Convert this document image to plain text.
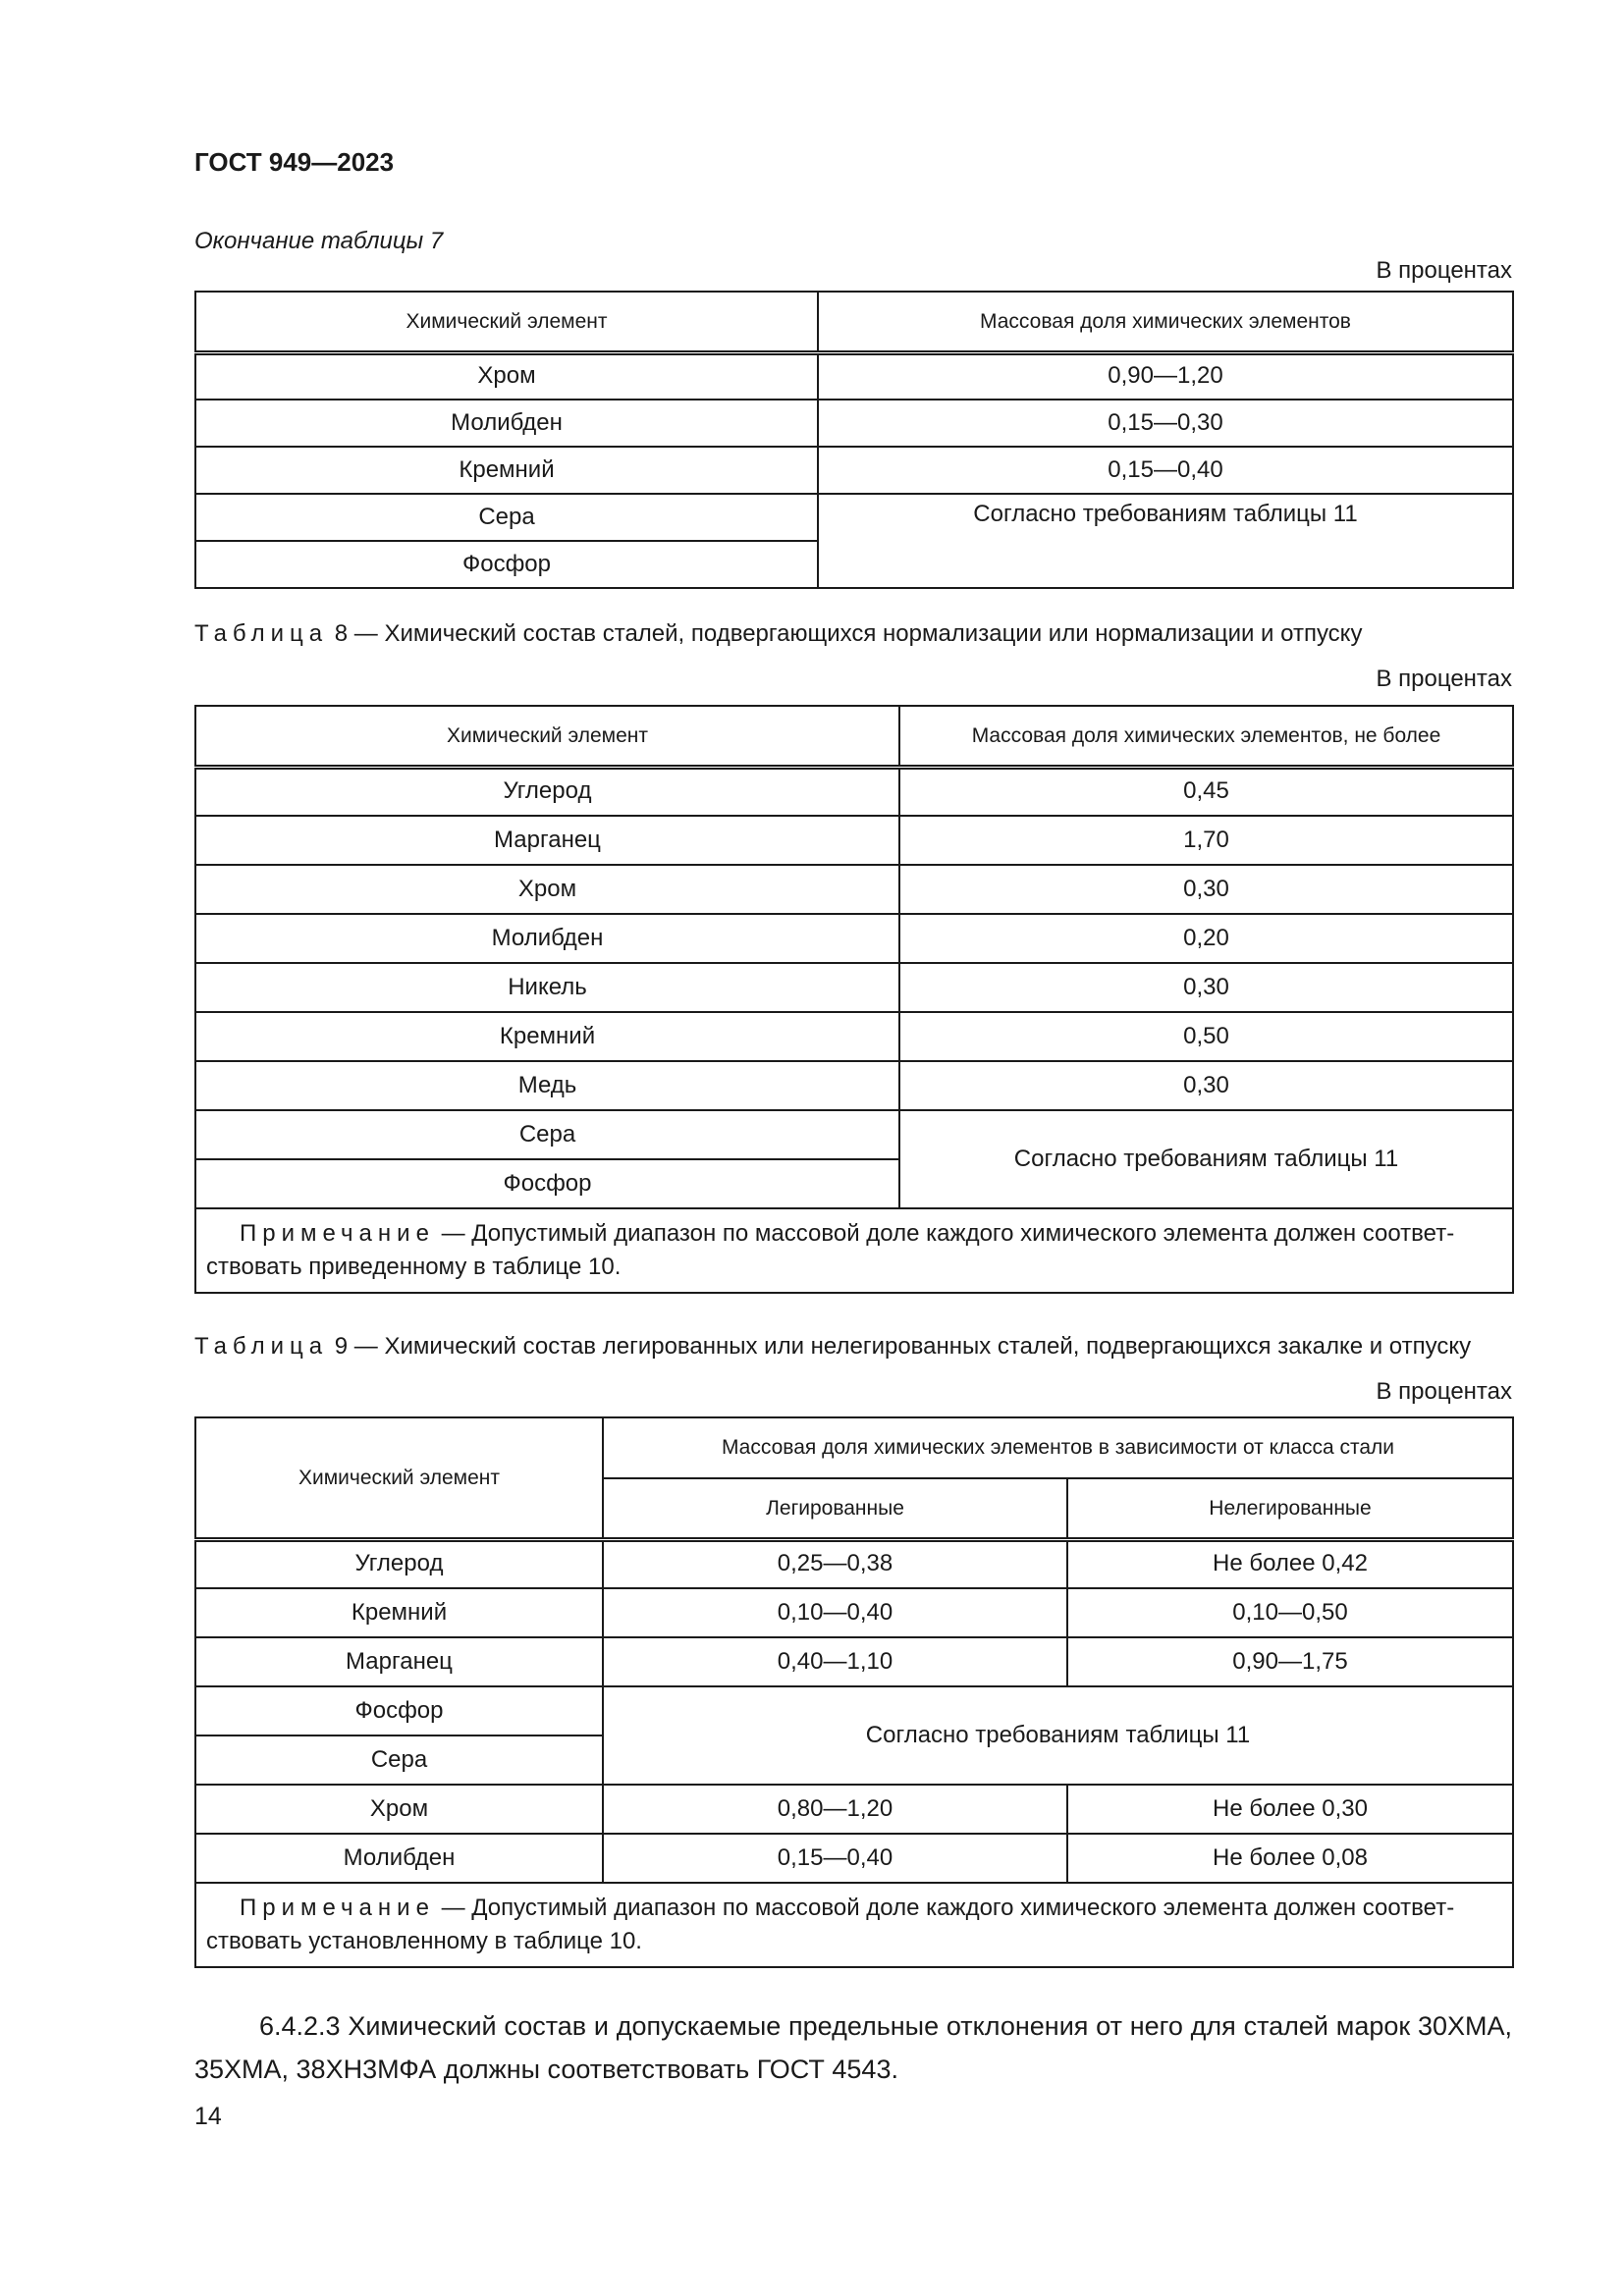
ГОСТ 949—2023
Окончание таблицы 7
В процентах
Химический элемент	Массовая доля химических элементов
Хром	0,90—1,20
Молибден	0,15—0,30
Кремний	0,15—0,40
Сера	Согласно требованиям таблицы 11
Фосфор	
Таблица 8 — Химический состав сталей, подвергающихся нормализации или нормализации и отпуску
В процентах
Химический элемент	Массовая доля химических элементов, не более
Углерод	0,45
Марганец	1,70
Хром	0,30
Молибден	0,20
Никель	0,30
Кремний	0,50
Медь	0,30
Сера	Согласно требованиям таблицы 11
Фосфор	
Примечание — Допустимый диапазон по массовой доле каждого химического элемента должен соответ-ствовать приведенному в таблице 10.	
Таблица 9 — Химический состав легированных или нелегированных сталей, подвергающихся закалке и отпуску
В процентах
Химический элемент	Массовая доля химических элементов в зависимости от класса стали	
	Легированные	Нелегированные
Углерод	0,25—0,38	Не более 0,42
Кремний	0,10—0,40	0,10—0,50
Марганец	0,40—1,10	0,90—1,75
Фосфор	Согласно требованиям таблицы 11	
Сера		
Хром	0,80—1,20	Не более 0,30
Молибден	0,15—0,40	Не более 0,08
Примечание — Допустимый диапазон по массовой доле каждого химического элемента должен соответ-ствовать установленному в таблице 10.		
6.4.2.3 Химический состав и допускаемые предельные отклонения от него для сталей марок 30ХМА, 35ХМА, 38ХН3МФА должны соответствовать ГОСТ 4543.
14
